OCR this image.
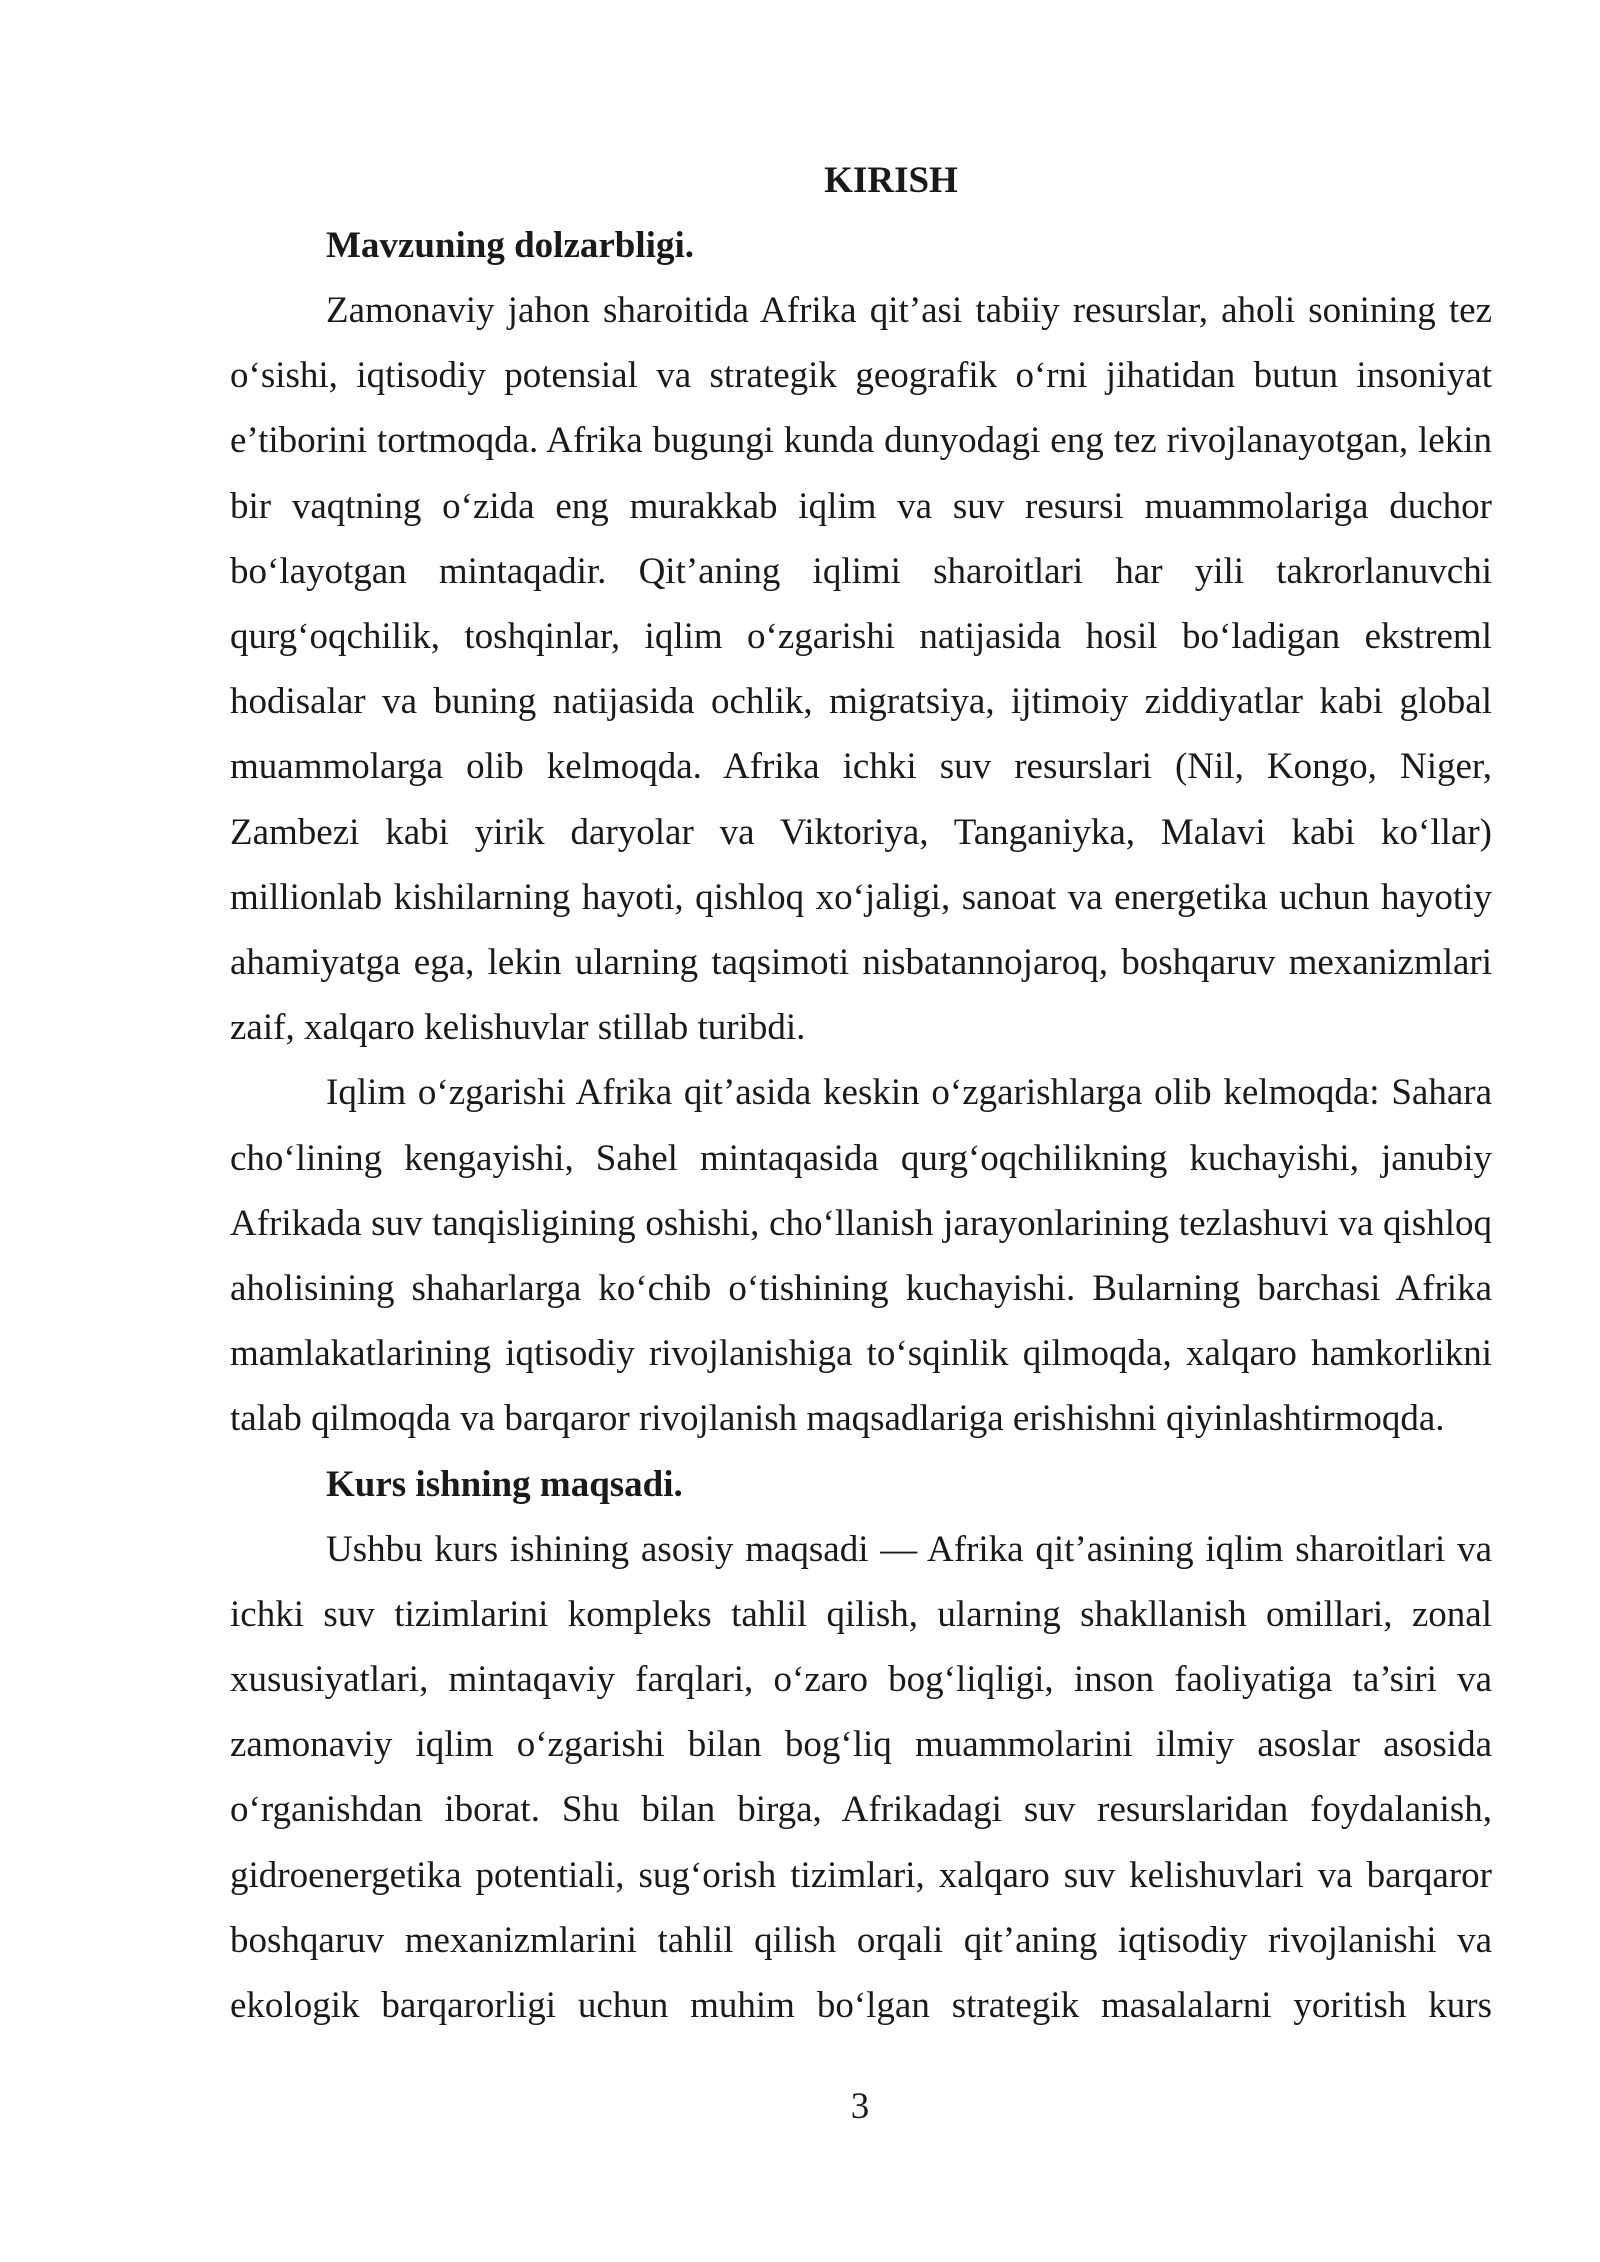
KIRISH

Mavzuning dolzarbligi.

Zamonaviy jahon sharoitida Afrika qit’asi tabiiy resurslar, aholi sonining tez o‘sishi, iqtisodiy potensial va strategik geografik o‘rni jihatidan butun insoniyat e’tiborini tortmoqda. Afrika bugungi kunda dunyodagi eng tez rivojlanayotgan, lekin bir vaqtning o‘zida eng murakkab iqlim va suv resursi muammolariga duchor bo‘layotgan mintaqadir. Qit’aning iqlimi sharoitlari har yili takrorlanuvchi qurg‘oqchilik, toshqinlar, iqlim o‘zgarishi natijasida hosil bo‘ladigan ekstreml hodisalar va buning natijasida ochlik, migratsiya, ijtimoiy ziddiyatlar kabi global muammolarga olib kelmoqda. Afrika ichki suv resurslari (Nil, Kongo, Niger, Zambezi kabi yirik daryolar va Viktoriya, Tanganiyka, Malavi kabi ko‘llar) millionlab kishilarning hayoti, qishloq xo‘jaligi, sanoat va energetika uchun hayotiy ahamiyatga ega, lekin ularning taqsimoti nisbatannojaroq, boshqaruv mexanizmlari zaif, xalqaro kelishuvlar stillab turibdi.

Iqlim o‘zgarishi Afrika qit’asida keskin o‘zgarishlarga olib kelmoqda: Sahara cho‘lining kengayishi, Sahel mintaqasida qurg‘oqchilikning kuchayishi, janubiy Afrikada suv tanqisligining oshishi, cho‘llanish jarayonlarining tezlashuvi va qishloq aholisining shaharlarga ko‘chib o‘tishining kuchayishi. Bularning barchasi Afrika mamlakatlarining iqtisodiy rivojlanishiga to‘sqinlik qilmoqda, xalqaro hamkorlikni talab qilmoqda va barqaror rivojlanish maqsadlariga erishishni qiyinlashtirmoqda.

Kurs ishning maqsadi.

Ushbu kurs ishining asosiy maqsadi — Afrika qit’asining iqlim sharoitlari va ichki suv tizimlarini kompleks tahlil qilish, ularning shakllanish omillari, zonal xususiyatlari, mintaqaviy farqlari, o‘zaro bog‘liqligi, inson faoliyatiga ta’siri va zamonaviy iqlim o‘zgarishi bilan bog‘liq muammolarini ilmiy asoslar asosida o‘rganishdan iborat. Shu bilan birga, Afrikadagi suv resurslaridan foydalanish, gidroenergetika potentiali, sug‘orish tizimlari, xalqaro suv kelishuvlari va barqaror boshqaruv mexanizmlarini tahlil qilish orqali qit’aning iqtisodiy rivojlanishi va ekologik barqarorligi uchun muhim bo‘lgan strategik masalalarni yoritish kurs

3
